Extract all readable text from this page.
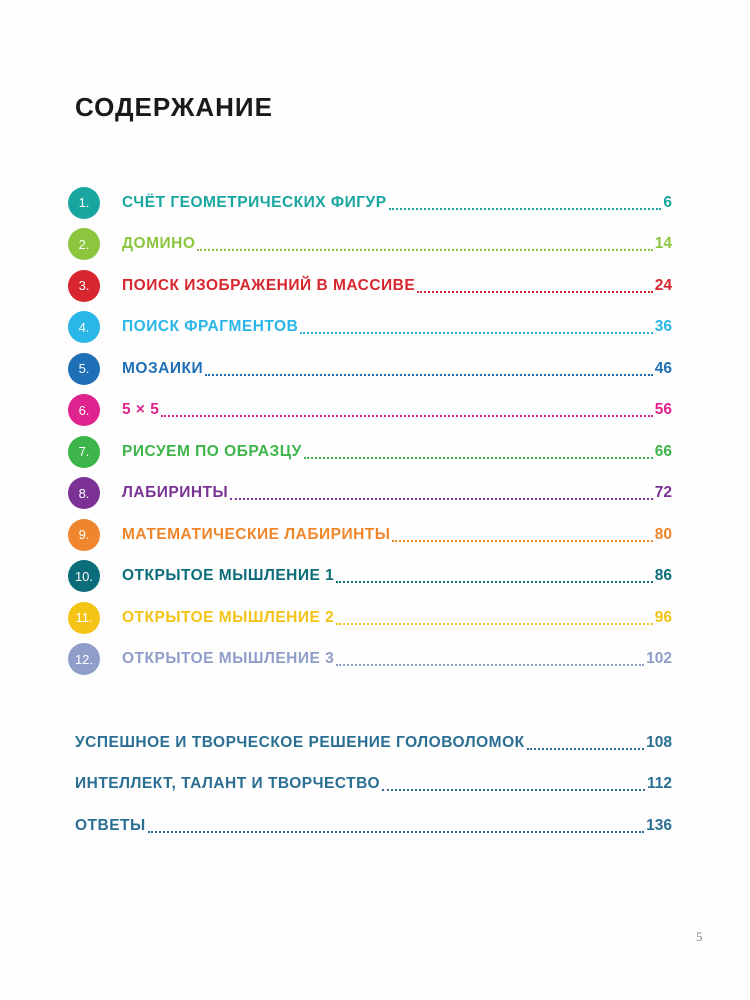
СОДЕРЖАНИЕ
1.	СЧЁТ ГЕОМЕТРИЧЕСКИХ ФИГУР	6
2.	ДОМИНО	14
3.	ПОИСК ИЗОБРАЖЕНИЙ В МАССИВЕ	24
4.	ПОИСК ФРАГМЕНТОВ	36
5.	МОЗАИКИ	46
6.	5 × 5	56
7.	РИСУЕМ ПО ОБРАЗЦУ	66
8.	ЛАБИРИНТЫ	72
9.	МАТЕМАТИЧЕСКИЕ ЛАБИРИНТЫ	80
10.	ОТКРЫТОЕ МЫШЛЕНИЕ 1	86
11.	ОТКРЫТОЕ МЫШЛЕНИЕ 2	96
12.	ОТКРЫТОЕ МЫШЛЕНИЕ 3	102
УСПЕШНОЕ И ТВОРЧЕСКОЕ РЕШЕНИЕ ГОЛОВОЛОМОК	108
ИНТЕЛЛЕКТ, ТАЛАНТ И ТВОРЧЕСТВО	112
ОТВЕТЫ	136
5
